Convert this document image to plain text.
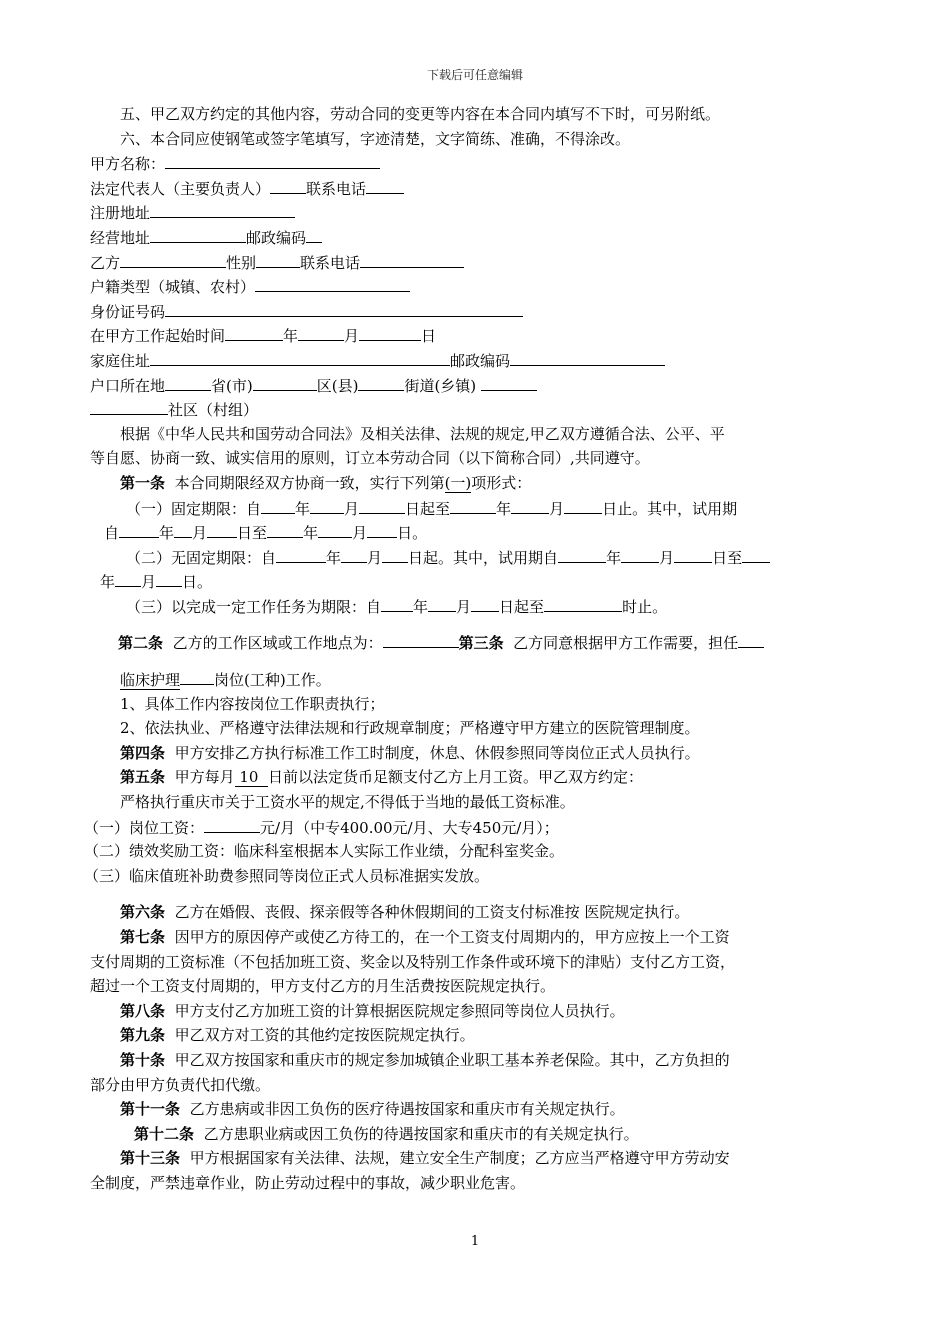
下载后可任意编辑
五、甲乙双方约定的其他内容，劳动合同的变更等内容在本合同内填写不下时，可另附纸。
六、本合同应使钢笔或签字笔填写，字迹清楚，文字简练、准确，不得涂改。
甲方名称：
法定代表人（主要负责人） 联系电话
注册地址
经营地址	邮政编码
乙方	性别	联系电话
户籍类型（城镇、农村）
身份证号码
在甲方工作起始时间	年	月	日
家庭住址	邮政编码
户口所在地	省(市)	区(县)	街道(乡镇)
社区（村组）
根据《中华人民共和国劳动合同法》及相关法律、法规的规定,甲乙双方遵循合法、公平、平
等自愿、协商一致、诚实信用的原则，订立本劳动合同（以下简称合同）,共同遵守。
第一条 本合同期限经双方协商一致，实行下列第(一)项形式：
（一）固定期限：自 年 月	日起至	年	月	日止。其中，试用期
自	年 月 日至 年 月 日。
（二）无固定期限：自	年 月 日起。其中，试用期自	年	月	日至
年 月 日。
（三）以完成一定工作任务为期限：自 年 月 日起至	时止。
第二条 乙方的工作区域或工作地点为：	第三条 乙方同意根据甲方工作需要，担任
临床护理 岗位(工种)工作。
1、具体工作内容按岗位工作职责执行；
2、依法执业、严格遵守法律法规和行政规章制度；严格遵守甲方建立的医院管理制度。
第四条 甲方安排乙方执行标准工作工时制度，休息、休假参照同等岗位正式人员执行。
第五条 甲方每月 10 日前以法定货币足额支付乙方上月工资。甲乙双方约定：
严格执行重庆市关于工资水平的规定,不得低于当地的最低工资标准。
（一）岗位工资：	元/月（中专400.00元/月、大专450元/月）；
（二）绩效奖励工资：临床科室根据本人实际工作业绩，分配科室奖金。
（三）临床值班补助费参照同等岗位正式人员标准据实发放。
第六条 乙方在婚假、丧假、探亲假等各种休假期间的工资支付标准按 医院规定执行。
第七条 因甲方的原因停产或使乙方待工的，在一个工资支付周期内的，甲方应按上一个工资
支付周期的工资标准（不包括加班工资、奖金以及特别工作条件或环境下的津贴）支付乙方工资，
超过一个工资支付周期的，甲方支付乙方的月生活费按医院规定执行。
第八条 甲方支付乙方加班工资的计算根据医院规定参照同等岗位人员执行。
第九条 甲乙双方对工资的其他约定按医院规定执行。
第十条 甲乙双方按国家和重庆市的规定参加城镇企业职工基本养老保险。其中，乙方负担的
部分由甲方负责代扣代缴。
第十一条 乙方患病或非因工负伤的医疗待遇按国家和重庆市有关规定执行。
第十二条 乙方患职业病或因工负伤的待遇按国家和重庆市的有关规定执行。
第十三条 甲方根据国家有关法律、法规，建立安全生产制度；乙方应当严格遵守甲方劳动安
全制度，严禁违章作业，防止劳动过程中的事故，减少职业危害。
1
